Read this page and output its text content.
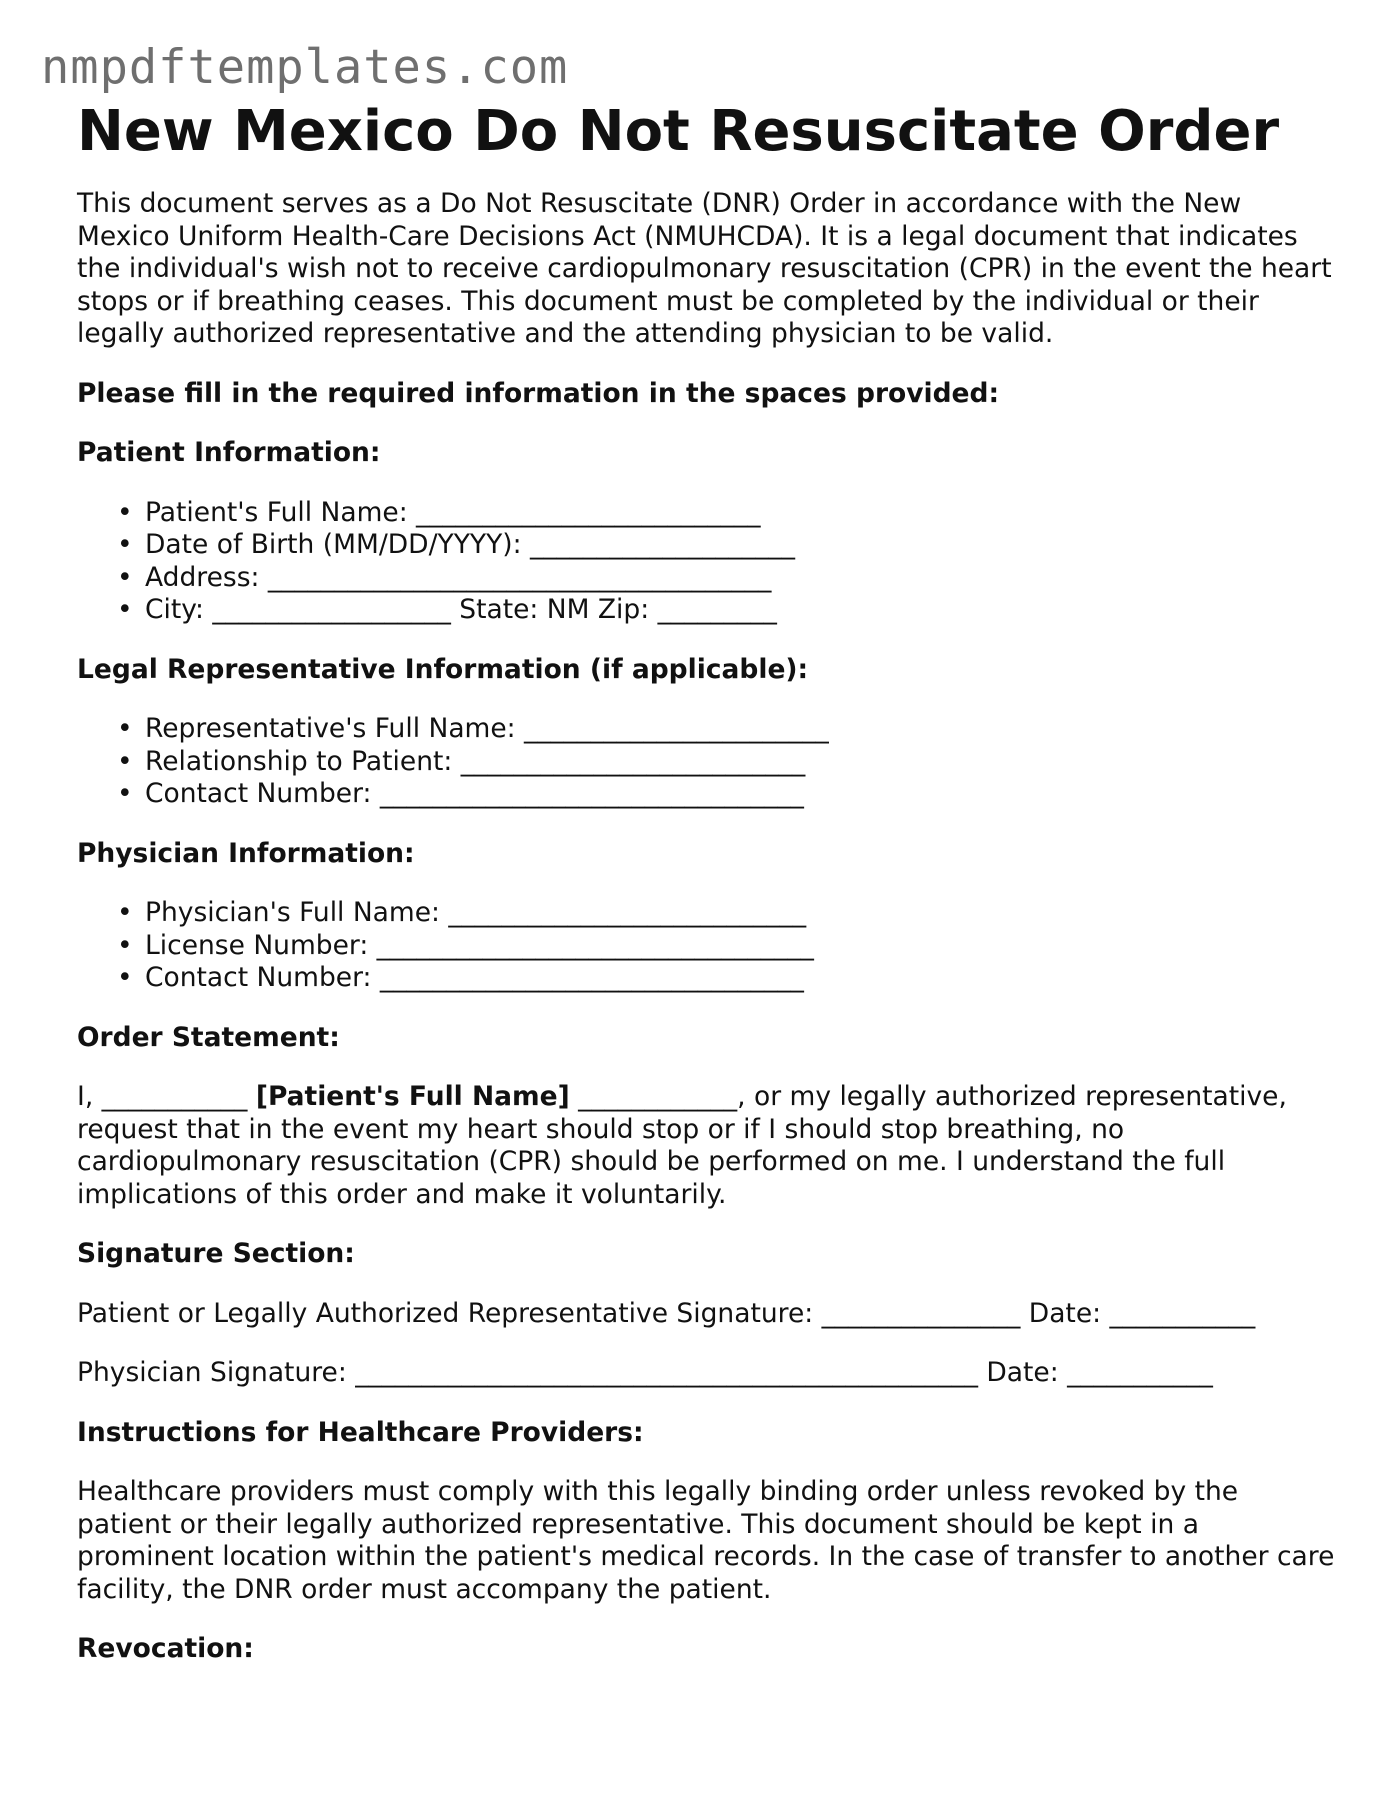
nmpdftemplates.com
New Mexico Do Not Resuscitate Order

This document serves as a Do Not Resuscitate (DNR) Order in accordance with the New Mexico Uniform Health-Care Decisions Act (NMUHCDA). It is a legal document that indicates the individual's wish not to receive cardiopulmonary resuscitation (CPR) in the event the heart stops or if breathing ceases. This document must be completed by the individual or their legally authorized representative and the attending physician to be valid.

Please fill in the required information in the spaces provided:
Patient Information:
• Patient's Full Name: __________________________
• Date of Birth (MM/DD/YYYY): ____________________
• Address: ______________________________________
• City: __________________ State: NM Zip: _________
Legal Representative Information (if applicable):
• Representative's Full Name: _______________________
• Relationship to Patient: __________________________
• Contact Number: ________________________________
Physician Information:
• Physician's Full Name: ___________________________
• License Number: _________________________________
• Contact Number: ________________________________
Order Statement:

I, ___________ [Patient's Full Name] ____________, or my legally authorized representative, request that in the event my heart should stop or if I should stop breathing, no cardiopulmonary resuscitation (CPR) should be performed on me. I understand the full implications of this order and make it voluntarily.

Signature Section:

Patient or Legally Authorized Representative Signature: _______________ Date: ___________

Physician Signature: _______________________________________________ Date: ___________

Instructions for Healthcare Providers:

Healthcare providers must comply with this legally binding order unless revoked by the patient or their legally authorized representative. This document should be kept in a prominent location within the patient's medical records. In the case of transfer to another care facility, the DNR order must accompany the patient.

Revocation:
